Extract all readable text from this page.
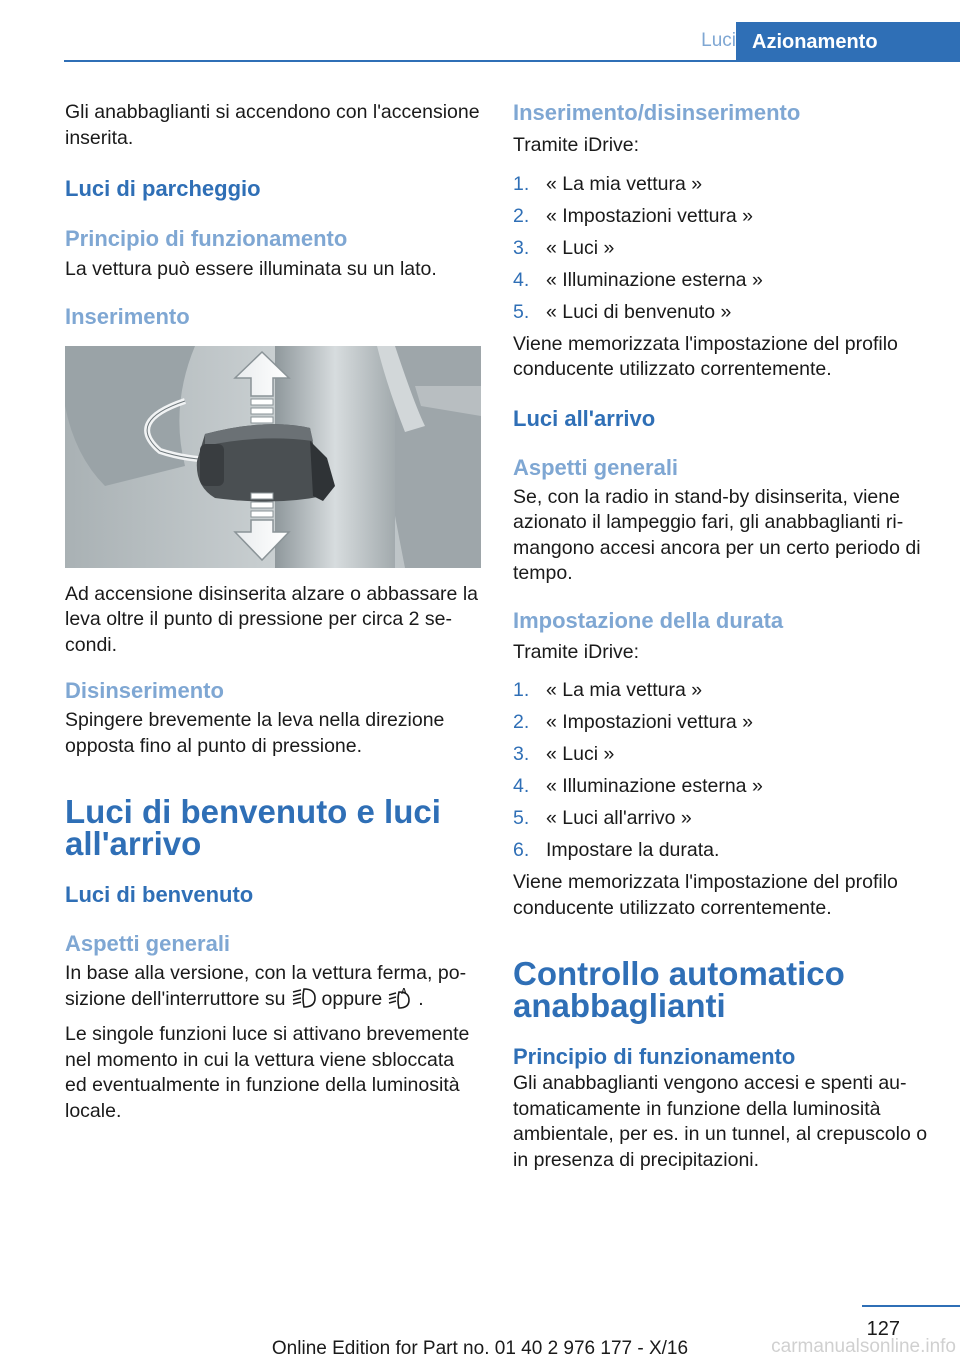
Luci Azionamento

Gli anabbaglianti si accendono con l'accensione inserita.

Luci di parcheggio
Principio di funzionamento

La vettura può essere illuminata su un lato.

Inserimento

Ad accensione disinserita alzare o abbassare la leva oltre il punto di pressione per circa 2 secondi.

Disinserimento

Spingere brevemente la leva nella direzione opposta fino al punto di pressione.

Luci di benvenuto e luci all'arrivo
Luci di benvenuto
Aspetti generali

In base alla versione, con la vettura ferma, posizione dell'interruttore su oppure A .

Le singole funzioni luce si attivano brevemente nel momento in cui la vettura viene sbloccata ed eventualmente in funzione della luminosità locale.

Inserimento/disinserimento

Tramite iDrive:

1. « La mia vettura »
2. « Impostazioni vettura »
3. « Luci »
4. « Illuminazione esterna »
5. « Luci di benvenuto »

Viene memorizzata l'impostazione del profilo conducente utilizzato correntemente.

Luci all'arrivo
Aspetti generali

Se, con la radio in stand-by disinserita, viene azionato il lampeggio fari, gli anabbaglianti rimangono accesi ancora per un certo periodo di tempo.

Impostazione della durata

Tramite iDrive:

1. « La mia vettura »
2. « Impostazioni vettura »
3. « Luci »
4. « Illuminazione esterna »
5. « Luci all'arrivo »
6. Impostare la durata.

Viene memorizzata l'impostazione del profilo conducente utilizzato correntemente.

Controllo automatico anabbaglianti
Principio di funzionamento

Gli anabbaglianti vengono accesi e spenti automaticamente in funzione della luminosità ambientale, per es. in un tunnel, al crepuscolo o in presenza di precipitazioni.

127
Online Edition for Part no. 01 40 2 976 177 - X/16	carmanualsonline.info
